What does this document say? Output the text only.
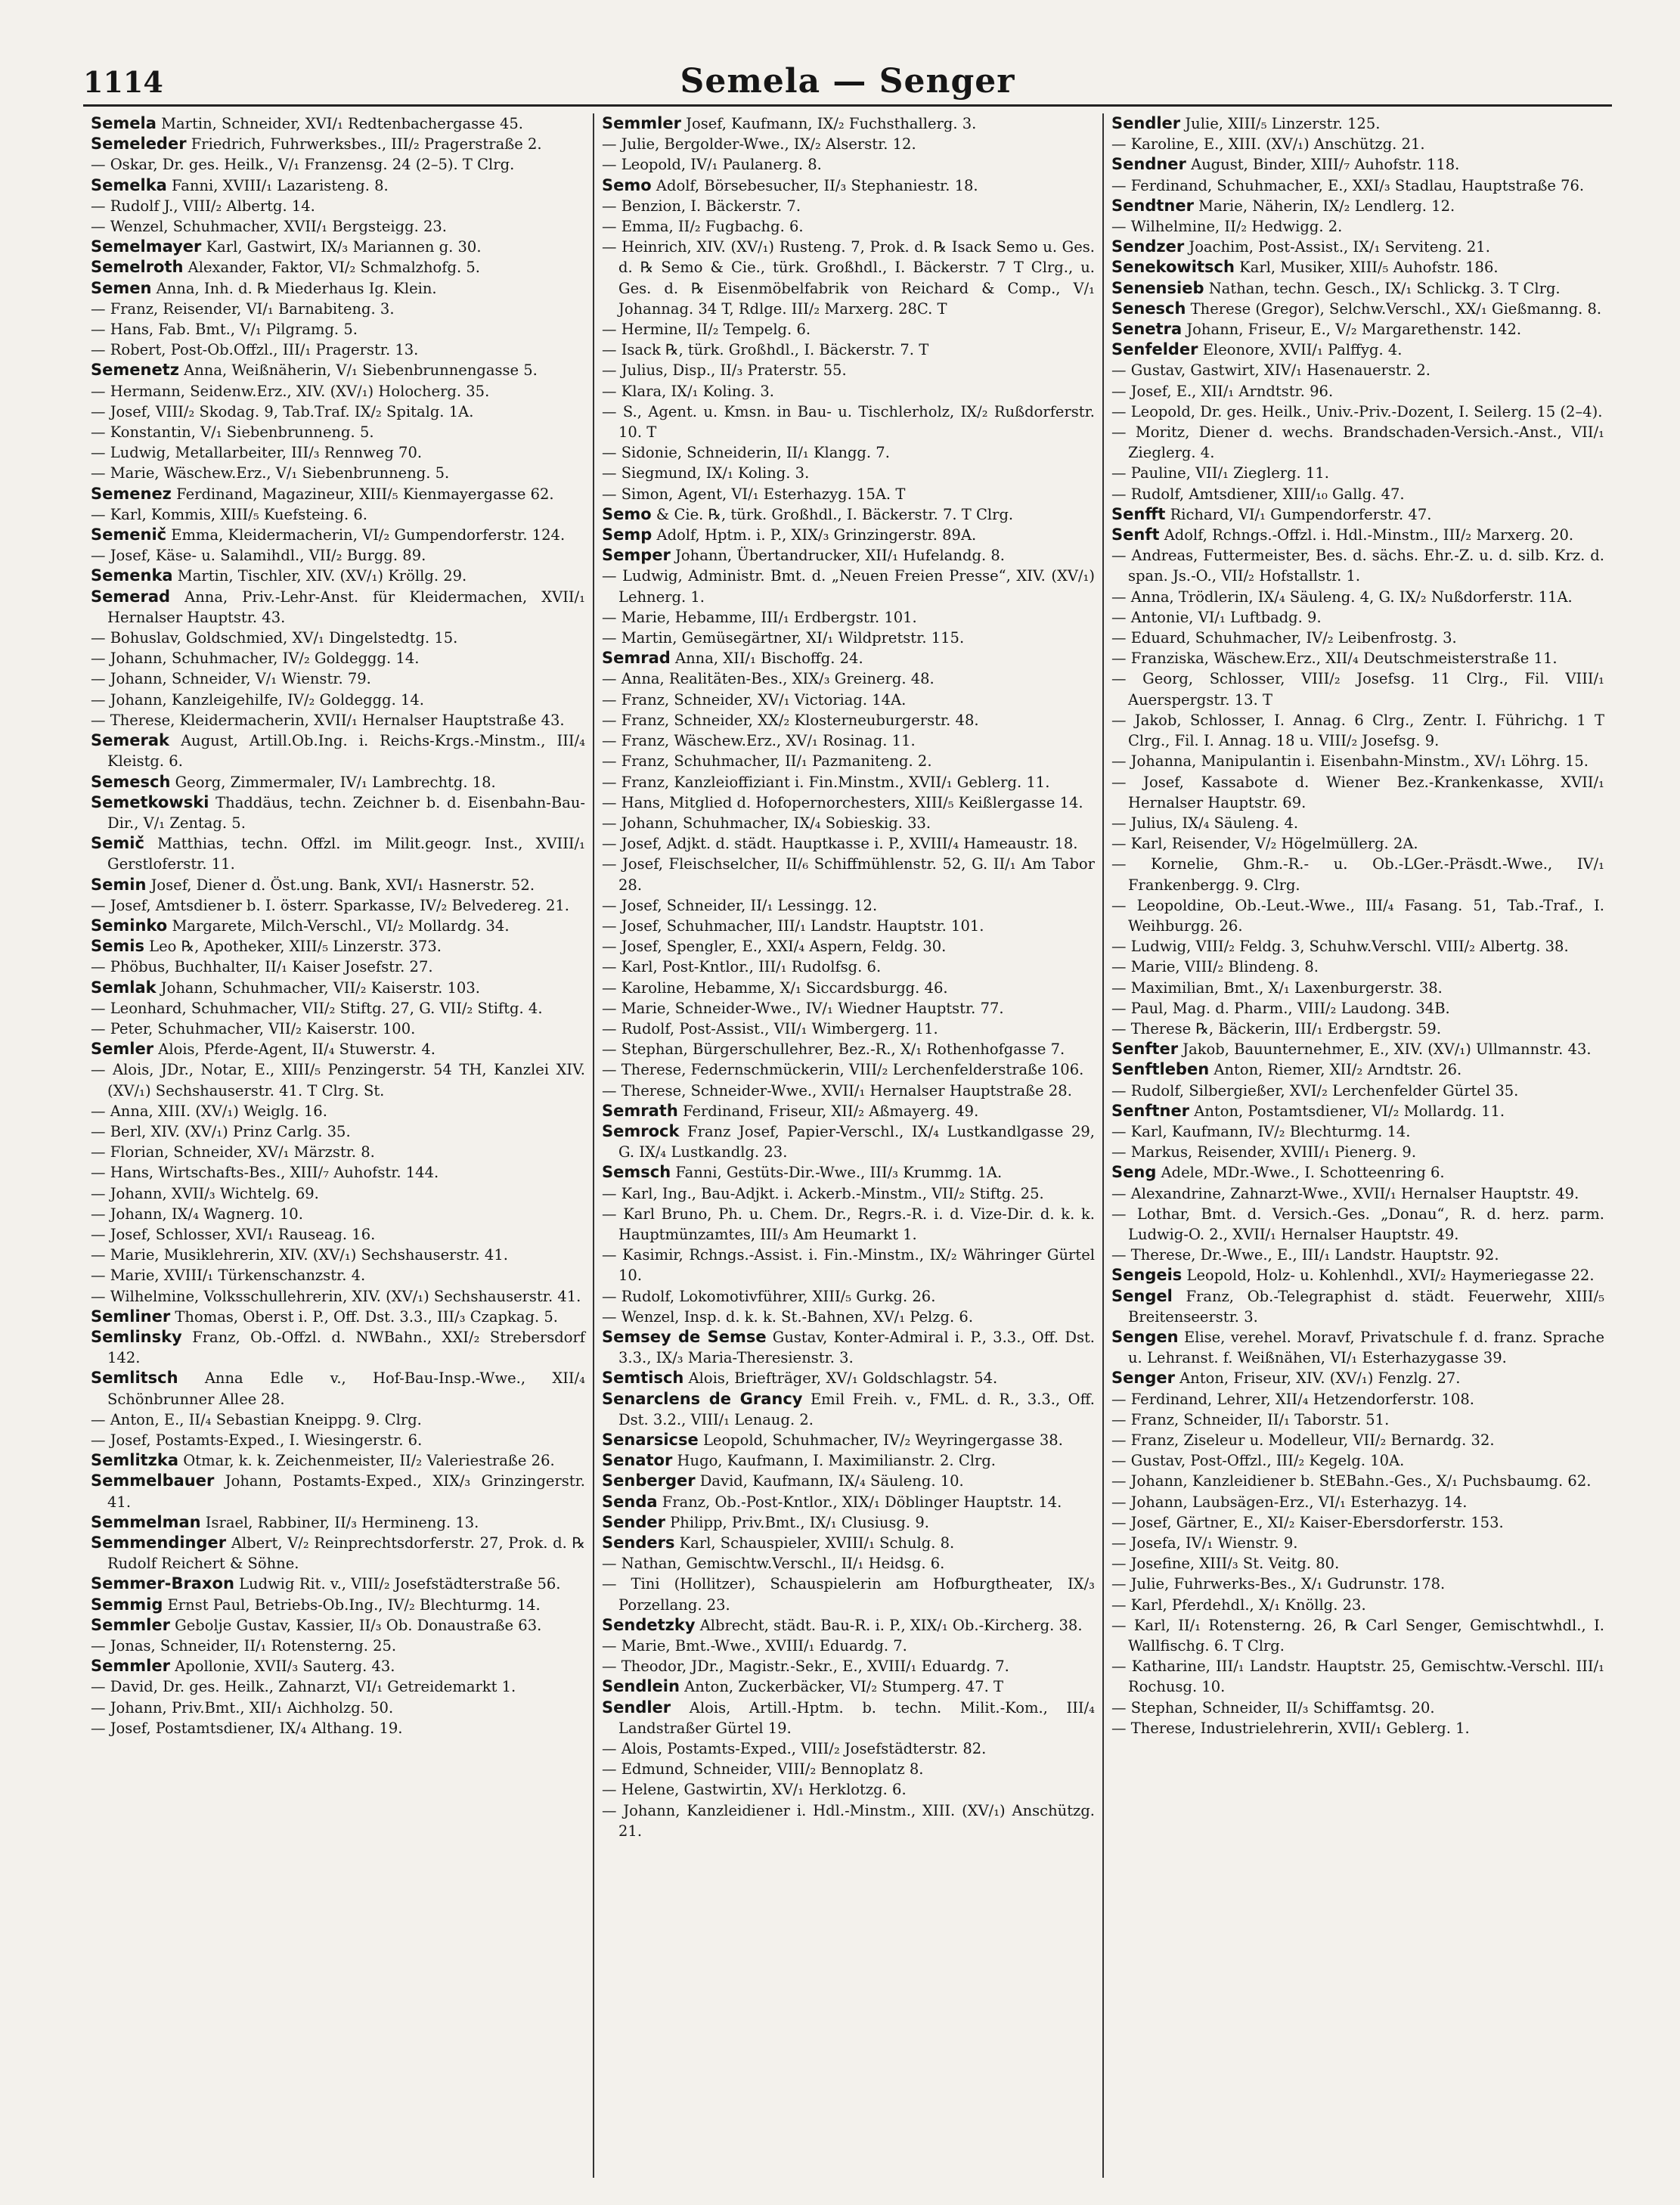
1114	Semela — Senger
Semela Martin, Schneider, XVI/₁ Redtenbachergasse 45.
Semeleder Friedrich, Fuhrwerksbes., III/₂ Pragerstraße 2.
— Oskar, Dr. ges. Heilk., V/₁ Franzensg. 24 (2–5). T Clrg.
Semelka Fanni, XVIII/₁ Lazaristeng. 8.
— Rudolf J., VIII/₂ Albertg. 14.
— Wenzel, Schuhmacher, XVII/₁ Bergsteigg. 23.
Semelmayer Karl, Gastwirt, IX/₃ Mariannen g. 30.
Semelroth Alexander, Faktor, VI/₂ Schmalzhofg. 5.
Semen Anna, Inh. d. ℞ Miederhaus Ig. Klein.
— Franz, Reisender, VI/₁ Barnabiteng. 3.
— Hans, Fab. Bmt., V/₁ Pilgramg. 5.
— Robert, Post-Ob.Offzl., III/₁ Pragerstr. 13.
Semenetz Anna, Weißnäherin, V/₁ Siebenbrunnengasse 5.
— Hermann, Seidenw.Erz., XIV. (XV/₁) Holocherg. 35.
— Josef, VIII/₂ Skodag. 9, Tab.Traf. IX/₂ Spitalg. 1A.
— Konstantin, V/₁ Siebenbrunneng. 5.
— Ludwig, Metallarbeiter, III/₃ Rennweg 70.
— Marie, Wäschew.Erz., V/₁ Siebenbrunneng. 5.
Semenez Ferdinand, Magazineur, XIII/₅ Kienmayergasse 62.
— Karl, Kommis, XIII/₅ Kuefsteing. 6.
Semenič Emma, Kleidermacherin, VI/₂ Gumpendorferstr. 124.
— Josef, Käse- u. Salamihdl., VII/₂ Burgg. 89.
Semenka Martin, Tischler, XIV. (XV/₁) Kröllg. 29.
Semerad Anna, Priv.-Lehr-Anst. für Kleidermachen, XVII/₁ Hernalser Hauptstr. 43.
— Bohuslav, Goldschmied, XV/₁ Dingelstedtg. 15.
— Johann, Schuhmacher, IV/₂ Goldeggg. 14.
— Johann, Schneider, V/₁ Wienstr. 79.
— Johann, Kanzleigehilfe, IV/₂ Goldeggg. 14.
— Therese, Kleidermacherin, XVII/₁ Hernalser Hauptstraße 43.
Semerak August, Artill.Ob.Ing. i. Reichs-Krgs.-Minstm., III/₄ Kleistg. 6.
Semesch Georg, Zimmermaler, IV/₁ Lambrechtg. 18.
Semetkowski Thaddäus, techn. Zeichner b. d. Eisenbahn-Bau-Dir., V/₁ Zentag. 5.
Semič Matthias, techn. Offzl. im Milit.geogr. Inst., XVIII/₁ Gerstloferstr. 11.
Semin Josef, Diener d. Öst.ung. Bank, XVI/₁ Hasnerstr. 52.
— Josef, Amtsdiener b. I. österr. Sparkasse, IV/₂ Belvedereg. 21.
Seminko Margarete, Milch-Verschl., VI/₂ Mollardg. 34.
Semis Leo ℞, Apotheker, XIII/₅ Linzerstr. 373.
— Phöbus, Buchhalter, II/₁ Kaiser Josefstr. 27.
Semlak Johann, Schuhmacher, VII/₂ Kaiserstr. 103.
— Leonhard, Schuhmacher, VII/₂ Stiftg. 27, G. VII/₂ Stiftg. 4.
— Peter, Schuhmacher, VII/₂ Kaiserstr. 100.
Semler Alois, Pferde-Agent, II/₄ Stuwerstr. 4.
— Alois, JDr., Notar, E., XIII/₅ Penzingerstr. 54 TH, Kanzlei XIV. (XV/₁) Sechshauserstr. 41. T Clrg. St.
— Anna, XIII. (XV/₁) Weiglg. 16.
— Berl, XIV. (XV/₁) Prinz Carlg. 35.
— Florian, Schneider, XV/₁ Märzstr. 8.
— Hans, Wirtschafts-Bes., XIII/₇ Auhofstr. 144.
— Johann, XVII/₃ Wichtelg. 69.
— Johann, IX/₄ Wagnerg. 10.
— Josef, Schlosser, XVI/₁ Rauseag. 16.
— Marie, Musiklehrerin, XIV. (XV/₁) Sechshauserstr. 41.
— Marie, XVIII/₁ Türkenschanzstr. 4.
— Wilhelmine, Volksschullehrerin, XIV. (XV/₁) Sechshauserstr. 41.
Semliner Thomas, Oberst i. P., Off. Dst. 3.3., III/₃ Czapkag. 5.
Semlinsky Franz, Ob.-Offzl. d. NWBahn., XXI/₂ Strebersdorf 142.
Semlitsch Anna Edle v., Hof-Bau-Insp.-Wwe., XII/₄ Schönbrunner Allee 28.
— Anton, E., II/₄ Sebastian Kneippg. 9. Clrg.
— Josef, Postamts-Exped., I. Wiesingerstr. 6.
Semlitzka Otmar, k. k. Zeichenmeister, II/₂ Valeriestraße 26.
Semmelbauer Johann, Postamts-Exped., XIX/₃ Grinzingerstr. 41.
Semmelman Israel, Rabbiner, II/₃ Hermineng. 13.
Semmendinger Albert, V/₂ Reinprechtsdorferstr. 27, Prok. d. ℞ Rudolf Reichert & Söhne.
Semmer-Braxon Ludwig Rit. v., VIII/₂ Josefstädterstraße 56.
Semmig Ernst Paul, Betriebs-Ob.Ing., IV/₂ Blechturmg. 14.
Semmler Gebolje Gustav, Kassier, II/₃ Ob. Donaustraße 63.
— Jonas, Schneider, II/₁ Rotensterng. 25.
Semmler Apollonie, XVII/₃ Sauterg. 43.
— David, Dr. ges. Heilk., Zahnarzt, VI/₁ Getreidemarkt 1.
— Johann, Priv.Bmt., XII/₁ Aichholzg. 50.
— Josef, Postamtsdiener, IX/₄ Althang. 19.
Semmler Josef, Kaufmann, IX/₂ Fuchsthallerg. 3.
— Julie, Bergolder-Wwe., IX/₂ Alserstr. 12.
— Leopold, IV/₁ Paulanerg. 8.
Semo Adolf, Börsebesucher, II/₃ Stephaniestr. 18.
— Benzion, I. Bäckerstr. 7.
— Emma, II/₂ Fugbachg. 6.
— Heinrich, XIV. (XV/₁) Rusteng. 7, Prok. d. ℞ Isack Semo u. Ges. d. ℞ Semo & Cie., türk. Großhdl., I. Bäckerstr. 7 T Clrg., u. Ges. d. ℞ Eisenmöbelfabrik von Reichard & Comp., V/₁ Johannag. 34 T, Rdlge. III/₂ Marxerg. 28C. T
— Hermine, II/₂ Tempelg. 6.
— Isack ℞, türk. Großhdl., I. Bäckerstr. 7. T
— Julius, Disp., II/₃ Praterstr. 55.
— Klara, IX/₁ Koling. 3.
— S., Agent. u. Kmsn. in Bau- u. Tischlerholz, IX/₂ Rußdorferstr. 10. T
— Sidonie, Schneiderin, II/₁ Klangg. 7.
— Siegmund, IX/₁ Koling. 3.
— Simon, Agent, VI/₁ Esterhazyg. 15A. T
Semo & Cie. ℞, türk. Großhdl., I. Bäckerstr. 7. T Clrg.
Semp Adolf, Hptm. i. P., XIX/₃ Grinzingerstr. 89A.
Semper Johann, Übertandrucker, XII/₁ Hufelandg. 8.
— Ludwig, Administr. Bmt. d. „Neuen Freien Presse“, XIV. (XV/₁) Lehnerg. 1.
— Marie, Hebamme, III/₁ Erdbergstr. 101.
— Martin, Gemüsegärtner, XI/₁ Wildpretstr. 115.
Semrad Anna, XII/₁ Bischoffg. 24.
— Anna, Realitäten-Bes., XIX/₃ Greinerg. 48.
— Franz, Schneider, XV/₁ Victoriag. 14A.
— Franz, Schneider, XX/₂ Klosterneuburgerstr. 48.
— Franz, Wäschew.Erz., XV/₁ Rosinag. 11.
— Franz, Schuhmacher, II/₁ Pazmaniteng. 2.
— Franz, Kanzleioffiziant i. Fin.Minstm., XVII/₁ Geblerg. 11.
— Hans, Mitglied d. Hofopernorchesters, XIII/₅ Keißlergasse 14.
— Johann, Schuhmacher, IX/₄ Sobieskig. 33.
— Josef, Adjkt. d. städt. Hauptkasse i. P., XVIII/₄ Hameaustr. 18.
— Josef, Fleischselcher, II/₆ Schiffmühlenstr. 52, G. II/₁ Am Tabor 28.
— Josef, Schneider, II/₁ Lessingg. 12.
— Josef, Schuhmacher, III/₁ Landstr. Hauptstr. 101.
— Josef, Spengler, E., XXI/₄ Aspern, Feldg. 30.
— Karl, Post-Kntlor., III/₁ Rudolfsg. 6.
— Karoline, Hebamme, X/₁ Siccardsburgg. 46.
— Marie, Schneider-Wwe., IV/₁ Wiedner Hauptstr. 77.
— Rudolf, Post-Assist., VII/₁ Wimbergerg. 11.
— Stephan, Bürgerschullehrer, Bez.-R., X/₁ Rothenhofgasse 7.
— Therese, Federnschmückerin, VIII/₂ Lerchenfelderstraße 106.
— Therese, Schneider-Wwe., XVII/₁ Hernalser Hauptstraße 28.
Semrath Ferdinand, Friseur, XII/₂ Aßmayerg. 49.
Semrock Franz Josef, Papier-Verschl., IX/₄ Lustkandlgasse 29, G. IX/₄ Lustkandlg. 23.
Semsch Fanni, Gestüts-Dir.-Wwe., III/₃ Krummg. 1A.
— Karl, Ing., Bau-Adjkt. i. Ackerb.-Minstm., VII/₂ Stiftg. 25.
— Karl Bruno, Ph. u. Chem. Dr., Regrs.-R. i. d. Vize-Dir. d. k. k. Hauptmünzamtes, III/₃ Am Heumarkt 1.
— Kasimir, Rchngs.-Assist. i. Fin.-Minstm., IX/₂ Währinger Gürtel 10.
— Rudolf, Lokomotivführer, XIII/₅ Gurkg. 26.
— Wenzel, Insp. d. k. k. St.-Bahnen, XV/₁ Pelzg. 6.
Semsey de Semse Gustav, Konter-Admiral i. P., 3.3., Off. Dst. 3.3., IX/₃ Maria-Theresienstr. 3.
Semtisch Alois, Briefträger, XV/₁ Goldschlagstr. 54.
Senarclens de Grancy Emil Freih. v., FML. d. R., 3.3., Off. Dst. 3.2., VIII/₁ Lenaug. 2.
Senarsicse Leopold, Schuhmacher, IV/₂ Weyringergasse 38.
Senator Hugo, Kaufmann, I. Maximilianstr. 2. Clrg.
Senberger David, Kaufmann, IX/₄ Säuleng. 10.
Senda Franz, Ob.-Post-Kntlor., XIX/₁ Döblinger Hauptstr. 14.
Sender Philipp, Priv.Bmt., IX/₁ Clusiusg. 9.
Senders Karl, Schauspieler, XVIII/₁ Schulg. 8.
— Nathan, Gemischtw.Verschl., II/₁ Heidsg. 6.
— Tini (Hollitzer), Schauspielerin am Hofburgtheater, IX/₃ Porzellang. 23.
Sendetzky Albrecht, städt. Bau-R. i. P., XIX/₁ Ob.-Kircherg. 38.
— Marie, Bmt.-Wwe., XVIII/₁ Eduardg. 7.
— Theodor, JDr., Magistr.-Sekr., E., XVIII/₁ Eduardg. 7.
Sendlein Anton, Zuckerbäcker, VI/₂ Stumperg. 47. T
Sendler Alois, Artill.-Hptm. b. techn. Milit.-Kom., III/₄ Landstraßer Gürtel 19.
— Alois, Postamts-Exped., VIII/₂ Josefstädterstr. 82.
— Edmund, Schneider, VIII/₂ Bennoplatz 8.
— Helene, Gastwirtin, XV/₁ Herklotzg. 6.
— Johann, Kanzleidiener i. Hdl.-Minstm., XIII. (XV/₁) Anschützg. 21.
Sendler Julie, XIII/₅ Linzerstr. 125.
— Karoline, E., XIII. (XV/₁) Anschützg. 21.
Sendner August, Binder, XIII/₇ Auhofstr. 118.
— Ferdinand, Schuhmacher, E., XXI/₃ Stadlau, Hauptstraße 76.
Sendtner Marie, Näherin, IX/₂ Lendlerg. 12.
— Wilhelmine, II/₂ Hedwigg. 2.
Sendzer Joachim, Post-Assist., IX/₁ Serviteng. 21.
Senekowitsch Karl, Musiker, XIII/₅ Auhofstr. 186.
Senensieb Nathan, techn. Gesch., IX/₁ Schlickg. 3. T Clrg.
Senesch Therese (Gregor), Selchw.Verschl., XX/₁ Gießmanng. 8.
Senetra Johann, Friseur, E., V/₂ Margarethenstr. 142.
Senfelder Eleonore, XVII/₁ Palffyg. 4.
— Gustav, Gastwirt, XIV/₁ Hasenauerstr. 2.
— Josef, E., XII/₁ Arndtstr. 96.
— Leopold, Dr. ges. Heilk., Univ.-Priv.-Dozent, I. Seilerg. 15 (2–4).
— Moritz, Diener d. wechs. Brandschaden-Versich.-Anst., VII/₁ Zieglerg. 4.
— Pauline, VII/₁ Zieglerg. 11.
— Rudolf, Amtsdiener, XIII/₁₀ Gallg. 47.
Senfft Richard, VI/₁ Gumpendorferstr. 47.
Senft Adolf, Rchngs.-Offzl. i. Hdl.-Minstm., III/₂ Marxerg. 20.
— Andreas, Futtermeister, Bes. d. sächs. Ehr.-Z. u. d. silb. Krz. d. span. Js.-O., VII/₂ Hofstallstr. 1.
— Anna, Trödlerin, IX/₄ Säuleng. 4, G. IX/₂ Nußdorferstr. 11A.
— Antonie, VI/₁ Luftbadg. 9.
— Eduard, Schuhmacher, IV/₂ Leibenfrostg. 3.
— Franziska, Wäschew.Erz., XII/₄ Deutschmeisterstraße 11.
— Georg, Schlosser, VIII/₂ Josefsg. 11 Clrg., Fil. VIII/₁ Auerspergstr. 13. T
— Jakob, Schlosser, I. Annag. 6 Clrg., Zentr. I. Führichg. 1 T Clrg., Fil. I. Annag. 18 u. VIII/₂ Josefsg. 9.
— Johanna, Manipulantin i. Eisenbahn-Minstm., XV/₁ Löhrg. 15.
— Josef, Kassabote d. Wiener Bez.-Krankenkasse, XVII/₁ Hernalser Hauptstr. 69.
— Julius, IX/₄ Säuleng. 4.
— Karl, Reisender, V/₂ Högelmüllerg. 2A.
— Kornelie, Ghm.-R.- u. Ob.-LGer.-Präsdt.-Wwe., IV/₁ Frankenbergg. 9. Clrg.
— Leopoldine, Ob.-Leut.-Wwe., III/₄ Fasang. 51, Tab.-Traf., I. Weihburgg. 26.
— Ludwig, VIII/₂ Feldg. 3, Schuhw.Verschl. VIII/₂ Albertg. 38.
— Marie, VIII/₂ Blindeng. 8.
— Maximilian, Bmt., X/₁ Laxenburgerstr. 38.
— Paul, Mag. d. Pharm., VIII/₂ Laudong. 34B.
— Therese ℞, Bäckerin, III/₁ Erdbergstr. 59.
Senfter Jakob, Bauunternehmer, E., XIV. (XV/₁) Ullmannstr. 43.
Senftleben Anton, Riemer, XII/₂ Arndtstr. 26.
— Rudolf, Silbergießer, XVI/₂ Lerchenfelder Gürtel 35.
Senftner Anton, Postamtsdiener, VI/₂ Mollardg. 11.
— Karl, Kaufmann, IV/₂ Blechturmg. 14.
— Markus, Reisender, XVIII/₁ Pienerg. 9.
Seng Adele, MDr.-Wwe., I. Schotteenring 6.
— Alexandrine, Zahnarzt-Wwe., XVII/₁ Hernalser Hauptstr. 49.
— Lothar, Bmt. d. Versich.-Ges. „Donau“, R. d. herz. parm. Ludwig-O. 2., XVII/₁ Hernalser Hauptstr. 49.
— Therese, Dr.-Wwe., E., III/₁ Landstr. Hauptstr. 92.
Sengeis Leopold, Holz- u. Kohlenhdl., XVI/₂ Haymeriegasse 22.
Sengel Franz, Ob.-Telegraphist d. städt. Feuerwehr, XIII/₅ Breitenseerstr. 3.
Sengen Elise, verehel. Moravf, Privatschule f. d. franz. Sprache u. Lehranst. f. Weißnähen, VI/₁ Esterhazygasse 39.
Senger Anton, Friseur, XIV. (XV/₁) Fenzlg. 27.
— Ferdinand, Lehrer, XII/₄ Hetzendorferstr. 108.
— Franz, Schneider, II/₁ Taborstr. 51.
— Franz, Ziseleur u. Modelleur, VII/₂ Bernardg. 32.
— Gustav, Post-Offzl., III/₂ Kegelg. 10A.
— Johann, Kanzleidiener b. StEBahn.-Ges., X/₁ Puchsbaumg. 62.
— Johann, Laubsägen-Erz., VI/₁ Esterhazyg. 14.
— Josef, Gärtner, E., XI/₂ Kaiser-Ebersdorferstr. 153.
— Josefa, IV/₁ Wienstr. 9.
— Josefine, XIII/₃ St. Veitg. 80.
— Julie, Fuhrwerks-Bes., X/₁ Gudrunstr. 178.
— Karl, Pferdehdl., X/₁ Knöllg. 23.
— Karl, II/₁ Rotensterng. 26, ℞ Carl Senger, Gemischtwhdl., I. Wallfischg. 6. T Clrg.
— Katharine, III/₁ Landstr. Hauptstr. 25, Gemischtw.-Verschl. III/₁ Rochusg. 10.
— Stephan, Schneider, II/₃ Schiffamtsg. 20.
— Therese, Industrielehrerin, XVII/₁ Geblerg. 1.
